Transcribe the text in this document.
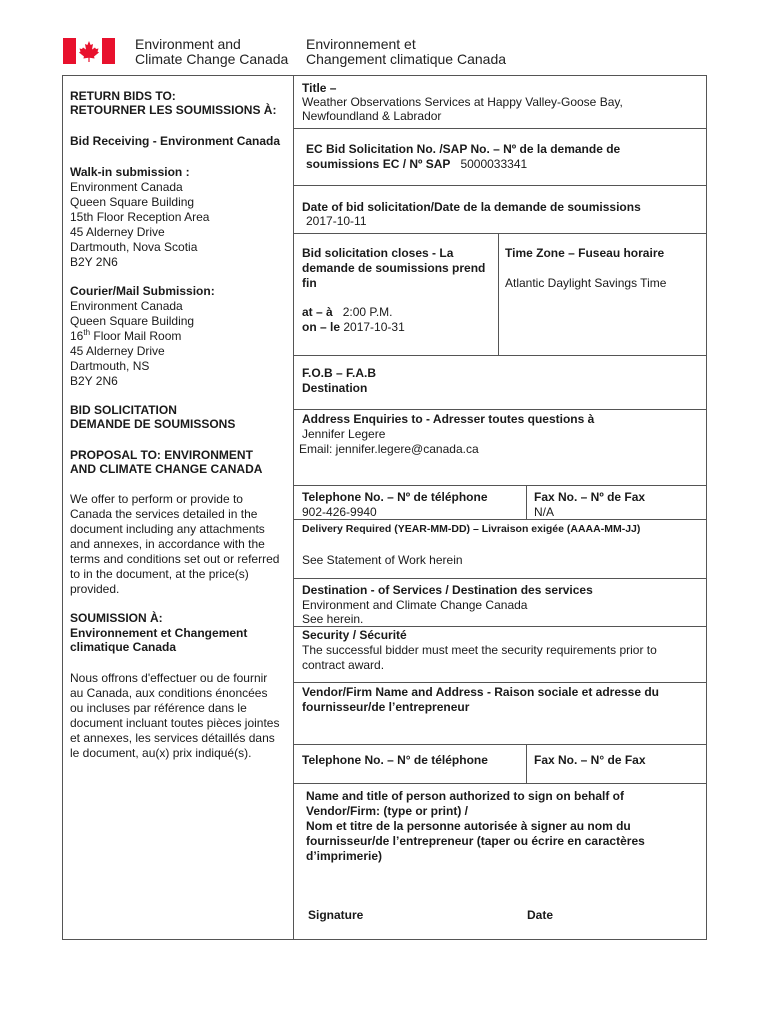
Environment and
Climate Change Canada
Environnement et
Changement climatique Canada
RETURN BIDS TO:
RETOURNER LES SOUMISSIONS À:
Bid Receiving - Environment Canada
Walk-in submission :
Environment Canada
Queen Square Building
15th Floor Reception Area
45 Alderney Drive
Dartmouth, Nova Scotia
B2Y 2N6
Courier/Mail Submission:
Environment Canada
Queen Square Building
16th Floor Mail Room
45 Alderney Drive
Dartmouth, NS
B2Y 2N6
BID SOLICITATION
DEMANDE DE SOUMISSONS
PROPOSAL TO: ENVIRONMENT
AND CLIMATE CHANGE CANADA
We offer to perform or provide to
Canada the services detailed in the
document including any attachments
and annexes, in accordance with the
terms and conditions set out or referred
to in the document, at the price(s)
provided.
SOUMISSION À:
Environnement et Changement
climatique Canada
Nous offrons d'effectuer ou de fournir
au Canada, aux conditions énoncées
ou incluses par référence dans le
document incluant toutes pièces jointes
et annexes, les services détaillés dans
le document, au(x) prix indiqué(s).
Title –
Weather Observations Services at Happy Valley-Goose Bay,
Newfoundland & Labrador
EC Bid Solicitation No. /SAP No. – Nº de la demande de
soumissions EC / Nº SAP 5000033341
Date of bid solicitation/Date de la demande de soumissions
2017-10-11
Bid solicitation closes - La
demande de soumissions prend
fin
at – à 2:00 P.M.
on – le 2017-10-31
Time Zone – Fuseau horaire
Atlantic Daylight Savings Time
F.O.B – F.A.B
Destination
Address Enquiries to - Adresser toutes questions à
Jennifer Legere
Email: jennifer.legere@canada.ca
Telephone No. – Nº de téléphone
902-426-9940
Fax No. – Nº de Fax
N/A
Delivery Required (YEAR-MM-DD) – Livraison exigée (AAAA-MM-JJ)
See Statement of Work herein
Destination - of Services / Destination des services
Environment and Climate Change Canada
See herein.
Security / Sécurité
The successful bidder must meet the security requirements prior to
contract award.
Vendor/Firm Name and Address - Raison sociale et adresse du
fournisseur/de l’entrepreneur
Telephone No. – N° de téléphone	Fax No. – N° de Fax
Name and title of person authorized to sign on behalf of
Vendor/Firm: (type or print) /
Nom et titre de la personne autorisée à signer au nom du
fournisseur/de l’entrepreneur (taper ou écrire en caractères
d’imprimerie)
Signature	Date
